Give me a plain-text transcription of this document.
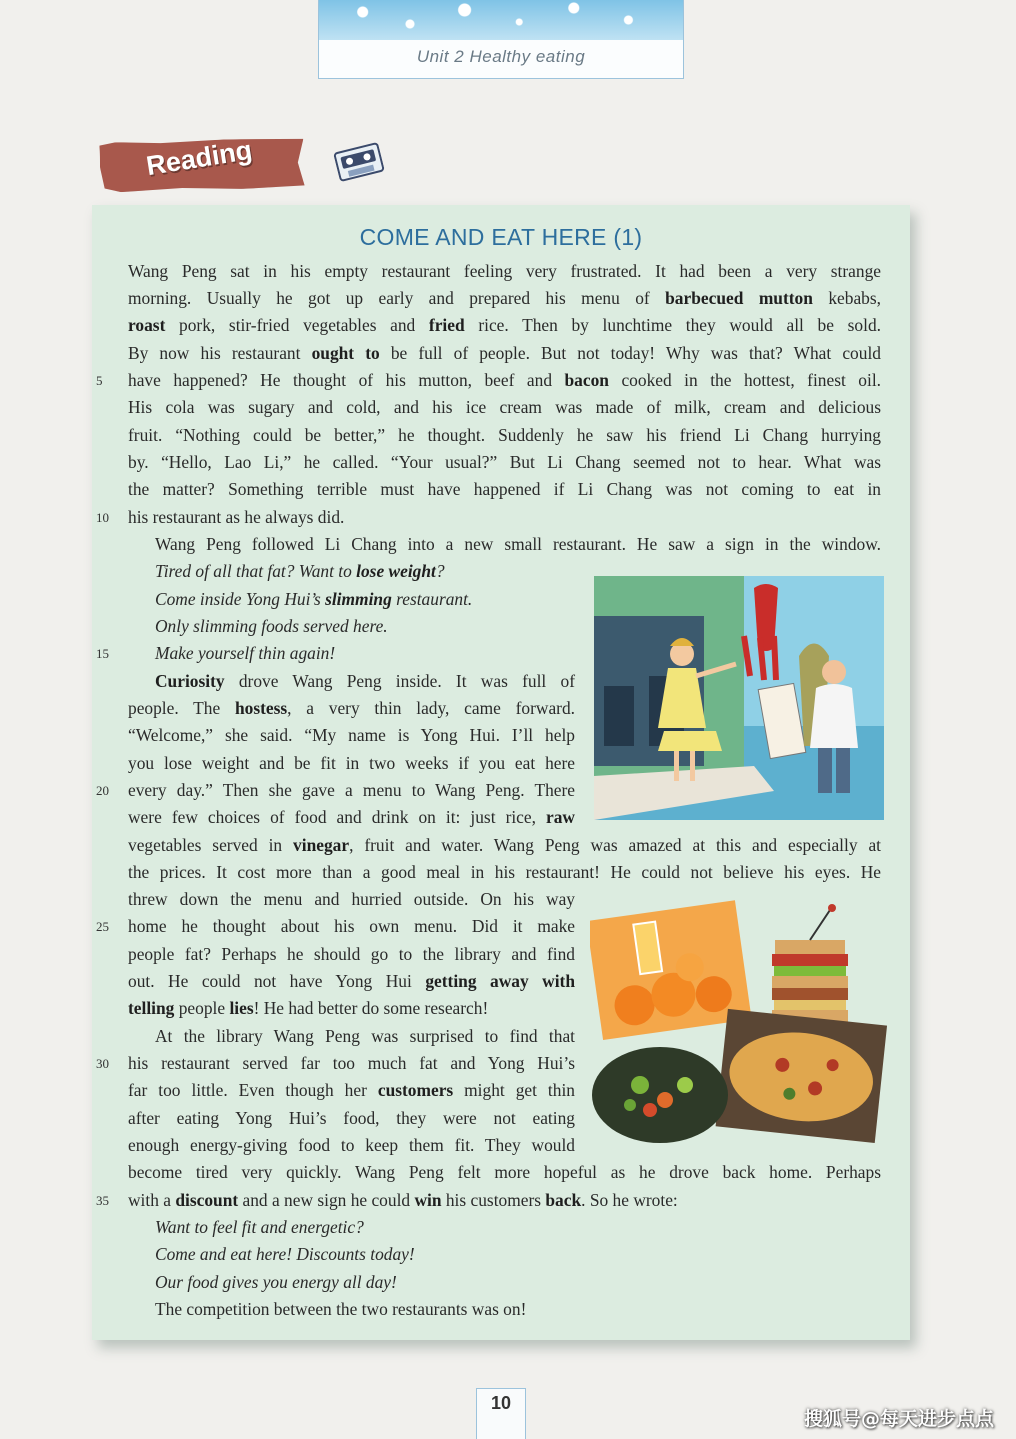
Unit 2 Healthy eating
Reading
COME AND EAT HERE (1)
Wang Peng sat in his empty restaurant feeling very frustrated. It had been a very strange
morning. Usually he got up early and prepared his menu of barbecued mutton kebabs,
roast pork, stir-fried vegetables and fried rice. Then by lunchtime they would all be sold.
By now his restaurant ought to be full of people. But not today! Why was that? What could
have happened? He thought of his mutton, beef and bacon cooked in the hottest, finest oil.
His cola was sugary and cold, and his ice cream was made of milk, cream and delicious
fruit. “Nothing could be better,” he thought. Suddenly he saw his friend Li Chang hurrying
by. “Hello, Lao Li,” he called. “Your usual?” But Li Chang seemed not to hear. What was
the matter? Something terrible must have happened if Li Chang was not coming to eat in
his restaurant as he always did.
Wang Peng followed Li Chang into a new small restaurant. He saw a sign in the window.
Tired of all that fat? Want to lose weight?
Come inside Yong Hui’s slimming restaurant.
Only slimming foods served here.
Make yourself thin again!
Curiosity drove Wang Peng inside. It was full of
people. The hostess, a very thin lady, came forward.
“Welcome,” she said. “My name is Yong Hui. I’ll help
you lose weight and be fit in two weeks if you eat here
every day.” Then she gave a menu to Wang Peng. There
were few choices of food and drink on it: just rice, raw
vegetables served in vinegar, fruit and water. Wang Peng was amazed at this and especially at
the prices. It cost more than a good meal in his restaurant! He could not believe his eyes. He
threw down the menu and hurried outside. On his way
home he thought about his own menu. Did it make
people fat? Perhaps he should go to the library and find
out. He could not have Yong Hui getting away with
telling people lies! He had better do some research!
At the library Wang Peng was surprised to find that
his restaurant served far too much fat and Yong Hui’s
far too little. Even though her customers might get thin
after eating Yong Hui’s food, they were not eating
enough energy-giving food to keep them fit. They would
become tired very quickly. Wang Peng felt more hopeful as he drove back home. Perhaps
with a discount and a new sign he could win his customers back. So he wrote:
Want to feel fit and energetic?
Come and eat here! Discounts today!
Our food gives you energy all day!
The competition between the two restaurants was on!
5
10
15
20
25
30
35
10
搜狐号@每天进步点点
